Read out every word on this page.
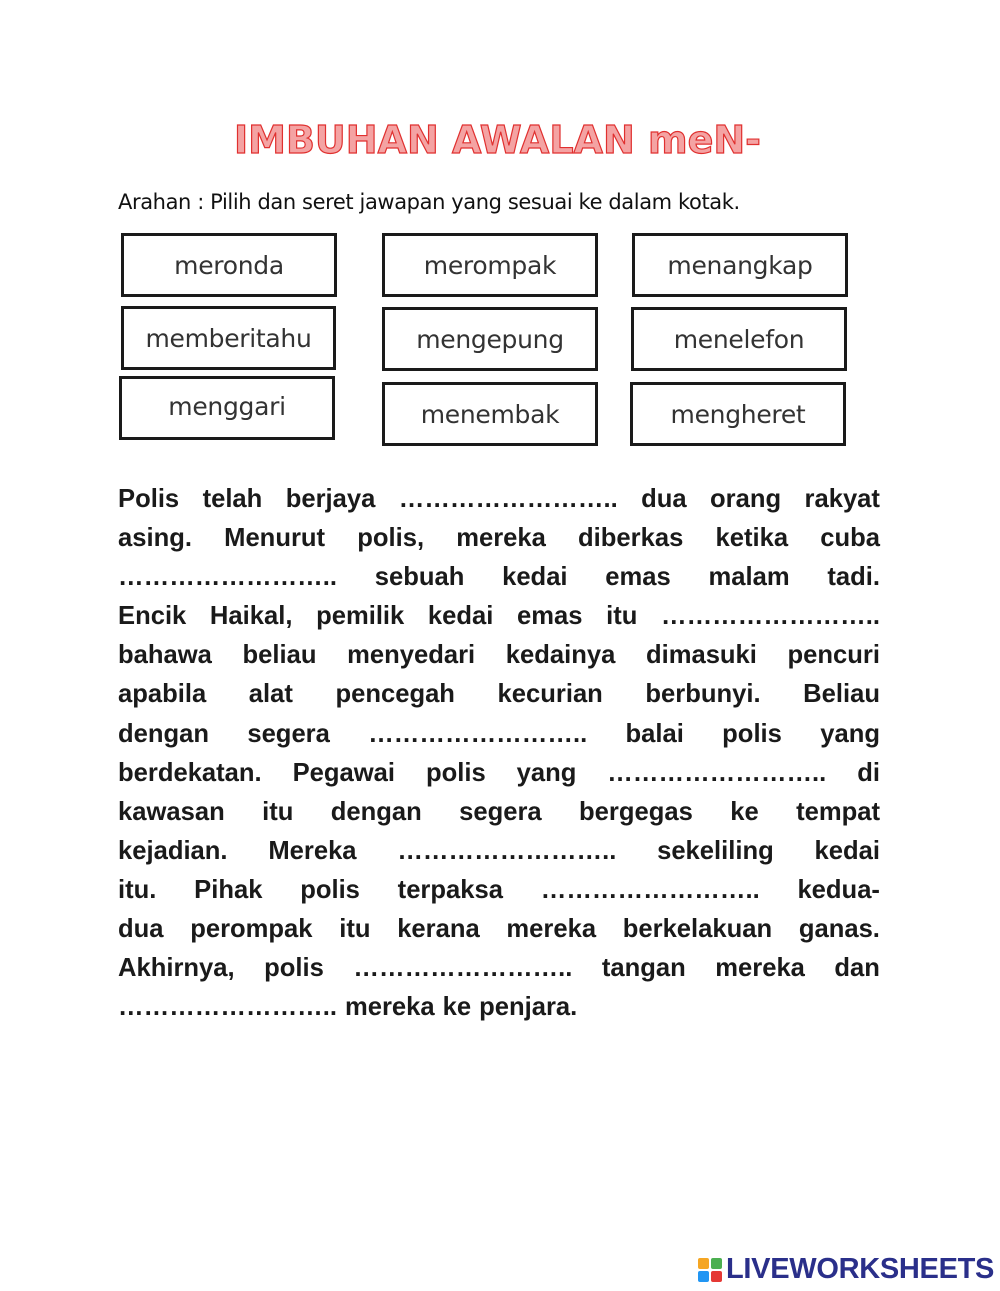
IMBUHAN AWALAN meN-
Arahan : Pilih dan seret jawapan yang sesuai ke dalam kotak.
meronda	merompak	menangkap
memberitahu	mengepung	menelefon
menggari	menembak	mengheret
Polis telah berjaya …………………….. dua orang rakyat
asing. Menurut polis, mereka diberkas ketika cuba
…………………….. sebuah kedai emas malam tadi.
Encik Haikal, pemilik kedai emas itu ……………………..
bahawa beliau menyedari kedainya dimasuki pencuri
apabila alat pencegah kecurian berbunyi. Beliau
dengan segera …………………….. balai polis yang
berdekatan. Pegawai polis yang …………………….. di
kawasan itu dengan segera bergegas ke tempat
kejadian. Mereka …………………….. sekeliling kedai
itu. Pihak polis terpaksa …………………….. kedua-
dua perompak itu kerana mereka berkelakuan ganas.
Akhirnya, polis …………………….. tangan mereka dan
…………………….. mereka ke penjara.
LIVEWORKSHEETS
